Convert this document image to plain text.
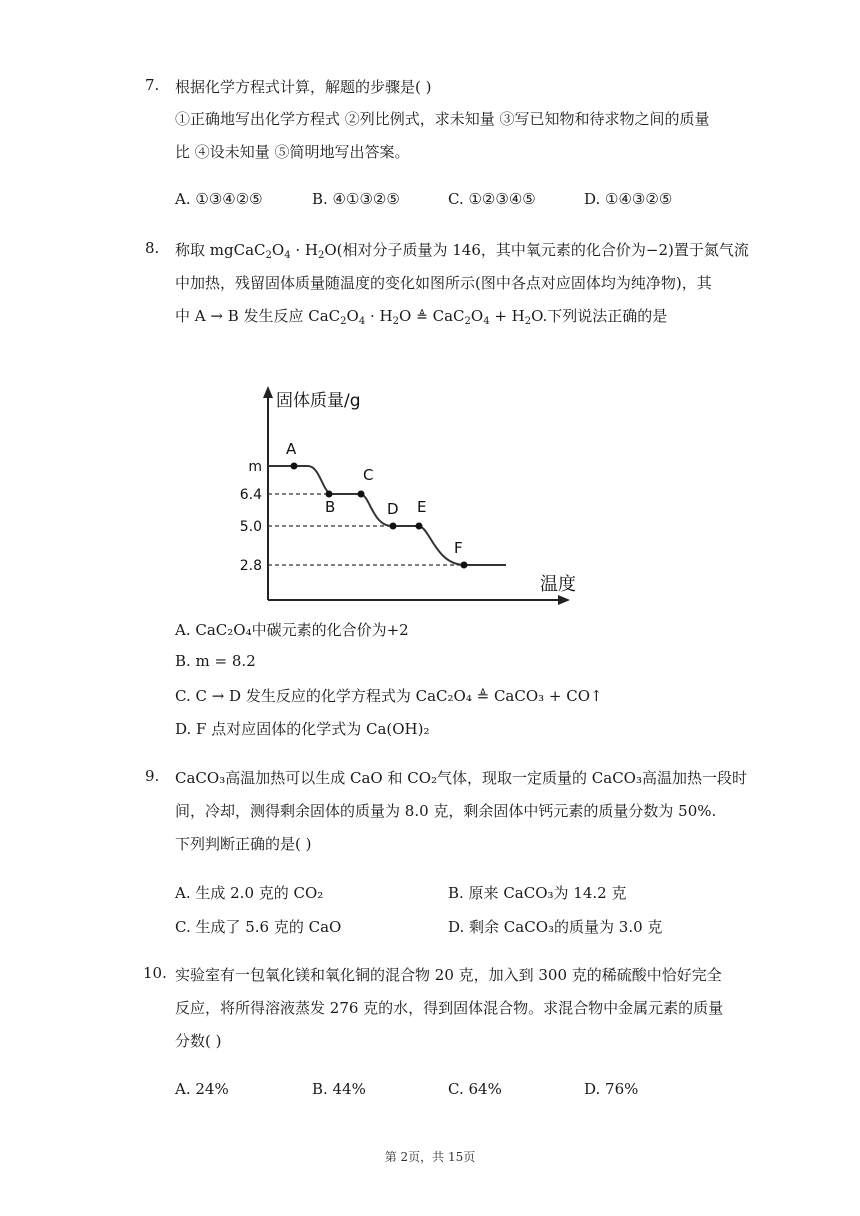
7. 根据化学方程式计算，解题的步骤是( )
①正确地写出化学方程式 ②列比例式，求未知量 ③写已知物和待求物之间的质量
比 ④设未知量 ⑤简明地写出答案。
A. ①③④②⑤	B. ④①③②⑤	C. ①②③④⑤	D. ①④③②⑤
8. 称取 $mgCaC_2O_4 \cdot H_2O$(相对分子质量为 146，其中氧元素的化合价为−2)置于氮气流
中加热，残留固体质量随温度的变化如图所示(图中各点对应固体均为纯净物)，其
中 A → B 发生反应 $CaC_2O_4 \cdot H_2O$ ≜ $CaC_2O_4 + H_2O$.下列说法正确的是
固体质量/g
温度
m
6.4
5.0
2.8
A
B
C
D E
F
A. CaC₂O₄中碳元素的化合价为+2
B. m = 8.2
C. C → D 发生反应的化学方程式为 CaC₂O₄ ≜ CaCO₃ + CO↑
D. F 点对应固体的化学式为 Ca(OH)₂
9. CaCO₃高温加热可以生成 CaO 和 CO₂气体，现取一定质量的 CaCO₃高温加热一段时
间，冷却，测得剩余固体的质量为 8.0 克，剩余固体中钙元素的质量分数为 50%.
下列判断正确的是( )
A. 生成 2.0 克的 CO₂	B. 原来 CaCO₃为 14.2 克
C. 生成了 5.6 克的 CaO	D. 剩余 CaCO₃的质量为 3.0 克
10. 实验室有一包氧化镁和氧化铜的混合物 20 克，加入到 300 克的稀硫酸中恰好完全
反应，将所得溶液蒸发 276 克的水，得到固体混合物。求混合物中金属元素的质量
分数( )
A. 24%	B. 44%	C. 64%	D. 76%
第 2页，共 15页
